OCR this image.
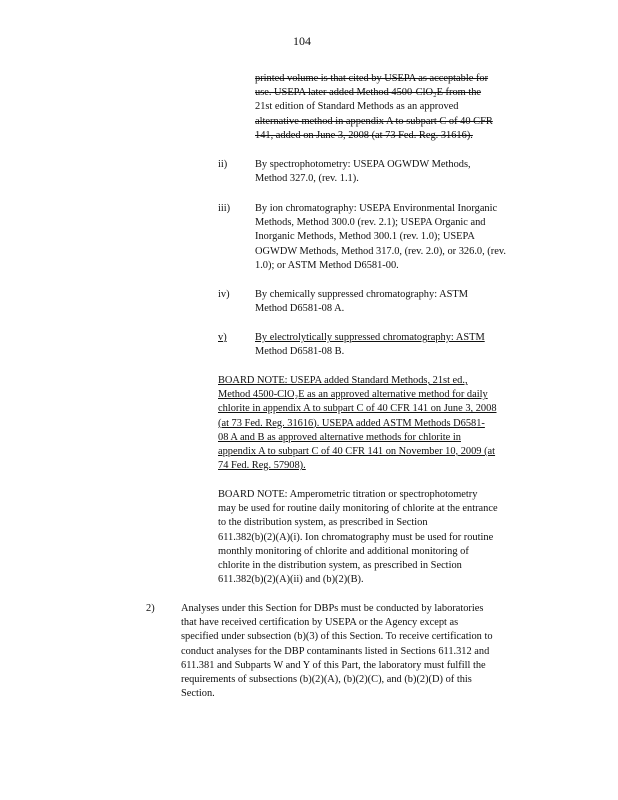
104
printed volume is that cited by USEPA as acceptable for
use. USEPA later added Method 4500-ClO₂E from the
21st edition of Standard Methods as an approved
alternative method in appendix A to subpart C of 40 CFR
141, added on June 3, 2008 (at 73 Fed. Reg. 31616).
ii)	By spectrophotometry: USEPA OGWDW Methods,
Method 327.0, (rev. 1.1).
iii) By ion chromatography: USEPA Environmental Inorganic
Methods, Method 300.0 (rev. 2.1); USEPA Organic and
Inorganic Methods, Method 300.1 (rev. 1.0); USEPA
OGWDW Methods, Method 317.0, (rev. 2.0), or 326.0, (rev. 1.0); or ASTM Method D6581-00.
iv) By chemically suppressed chromatography: ASTM
Method D6581-08 A.
v)	By electrolytically suppressed chromatography: ASTM
Method D6581-08 B.
BOARD NOTE: USEPA added Standard Methods, 21st ed.,
Method 4500-ClO₂E as an approved alternative method for daily
chlorite in appendix A to subpart C of 40 CFR 141 on June 3, 2008
(at 73 Fed. Reg. 31616). USEPA added ASTM Methods D6581-
08 A and B as approved alternative methods for chlorite in
appendix A to subpart C of 40 CFR 141 on November 10, 2009 (at
74 Fed. Reg. 57908).
BOARD NOTE: Amperometric titration or spectrophotometry
may be used for routine daily monitoring of chlorite at the entrance
to the distribution system, as prescribed in Section
611.382(b)(2)(A)(i). Ion chromatography must be used for routine
monthly monitoring of chlorite and additional monitoring of
chlorite in the distribution system, as prescribed in Section
611.382(b)(2)(A)(ii) and (b)(2)(B).
2)	Analyses under this Section for DBPs must be conducted by laboratories
that have received certification by USEPA or the Agency except as
specified under subsection (b)(3) of this Section. To receive certification to
conduct analyses for the DBP contaminants listed in Sections 611.312 and
611.381 and Subparts W and Y of this Part, the laboratory must fulfill the
requirements of subsections (b)(2)(A), (b)(2)(C), and (b)(2)(D) of this
Section.
